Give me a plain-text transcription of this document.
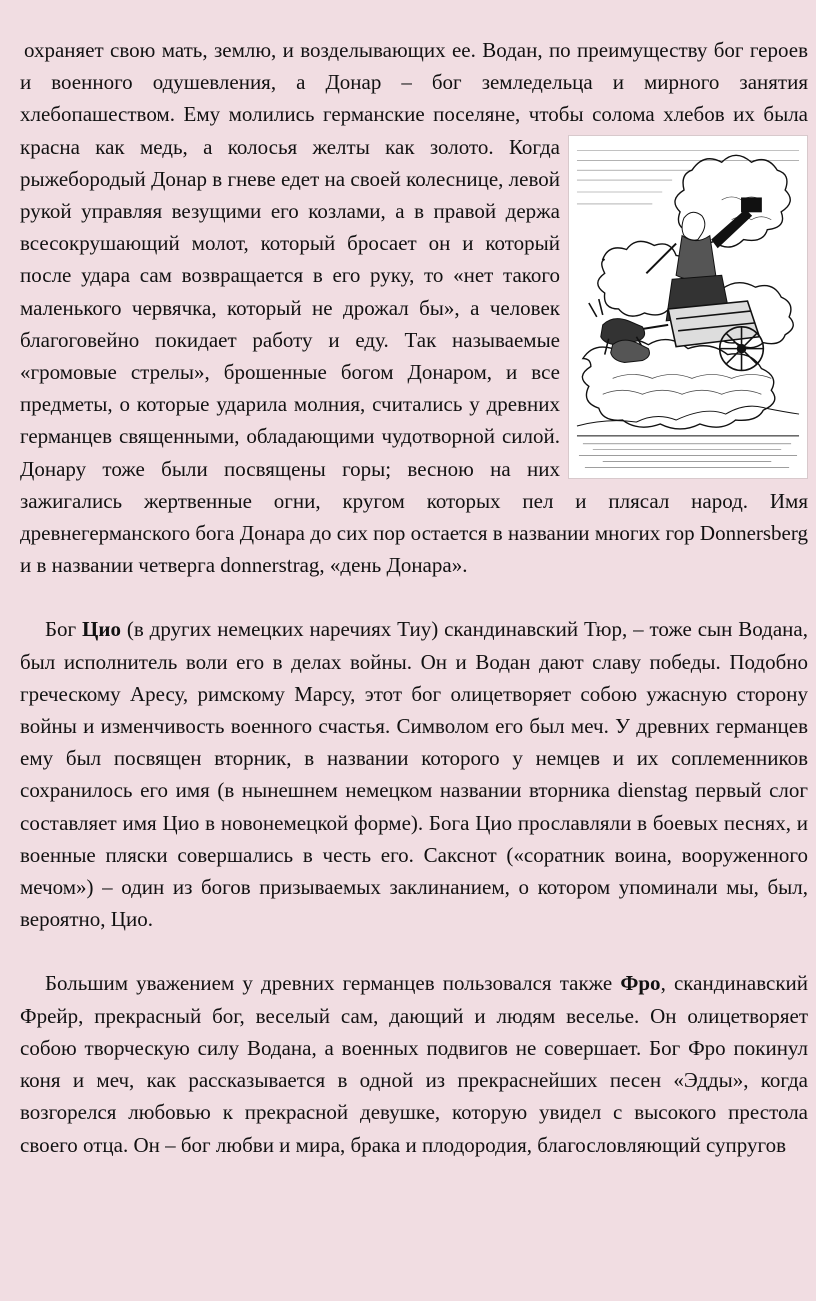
охраняет свою мать, землю, и возделывающих ее. Водан, по преимуществу бог героев и военного одушевления, а Донар – бог земледельца и мирного занятия хлебопашеством. Ему молились германские поселяне, чтобы солома хлебов их была красна как медь, а колосья желты
как золото. Когда рыжебородый Донар в гневе едет на своей колеснице, левой рукой управляя везущими его козлами, а в правой держа всесокрушающий молот, который бросает он и который после удара сам возвращается в его руку, то «нет такого маленького червячка, который не дрожал бы», а человек благоговейно покидает работу и еду. Так называемые «громовые стрелы», брошенные богом Донаром, и все предметы, о которые ударила молния, считались у древних германцев священными, обладающими чудотворной силой. Донару тоже были посвящены горы; весною на них зажигались жертвенные огни, кругом которых пел и плясал народ. Имя древнегерманского бога Донара до сих пор остается в названии многих гор Donnersberg и в названии четверга donnerstrag, «день Донара».

Бог Цио (в других немецких наречиях Тиу) скандинавский Тюр, – тоже сын Водана, был исполнитель воли его в делах войны. Он и Водан дают славу победы. Подобно греческому Аресу, римскому Марсу, этот бог олицетворяет собою ужасную сторону войны и изменчивость военного счастья. Символом его был меч. У древних германцев ему был посвящен вторник, в названии которого у немцев и их соплеменников сохранилось его имя (в нынешнем немецком названии вторника dienstag первый слог составляет имя Цио в новонемецкой форме). Бога Цио прославляли в боевых песнях, и военные пляски совершались в честь его. Сакснот («соратник воина, вооруженного мечом») – один из богов призываемых заклинанием, о котором упоминали мы, был, вероятно, Цио.

Большим уважением у древних германцев пользовался также Фро, скандинавский Фрейр, прекрасный бог, веселый сам, дающий и людям веселье. Он олицетворяет собою творческую силу Водана, а военных подвигов не совершает. Бог Фро покинул коня и меч, как рассказывается в одной из прекраснейших песен «Эдды», когда возгорелся любовью к прекрасной девушке, которую увидел с высокого престола своего отца. Он – бог любви и мира, брака и плодородия, благословляющий супругов
